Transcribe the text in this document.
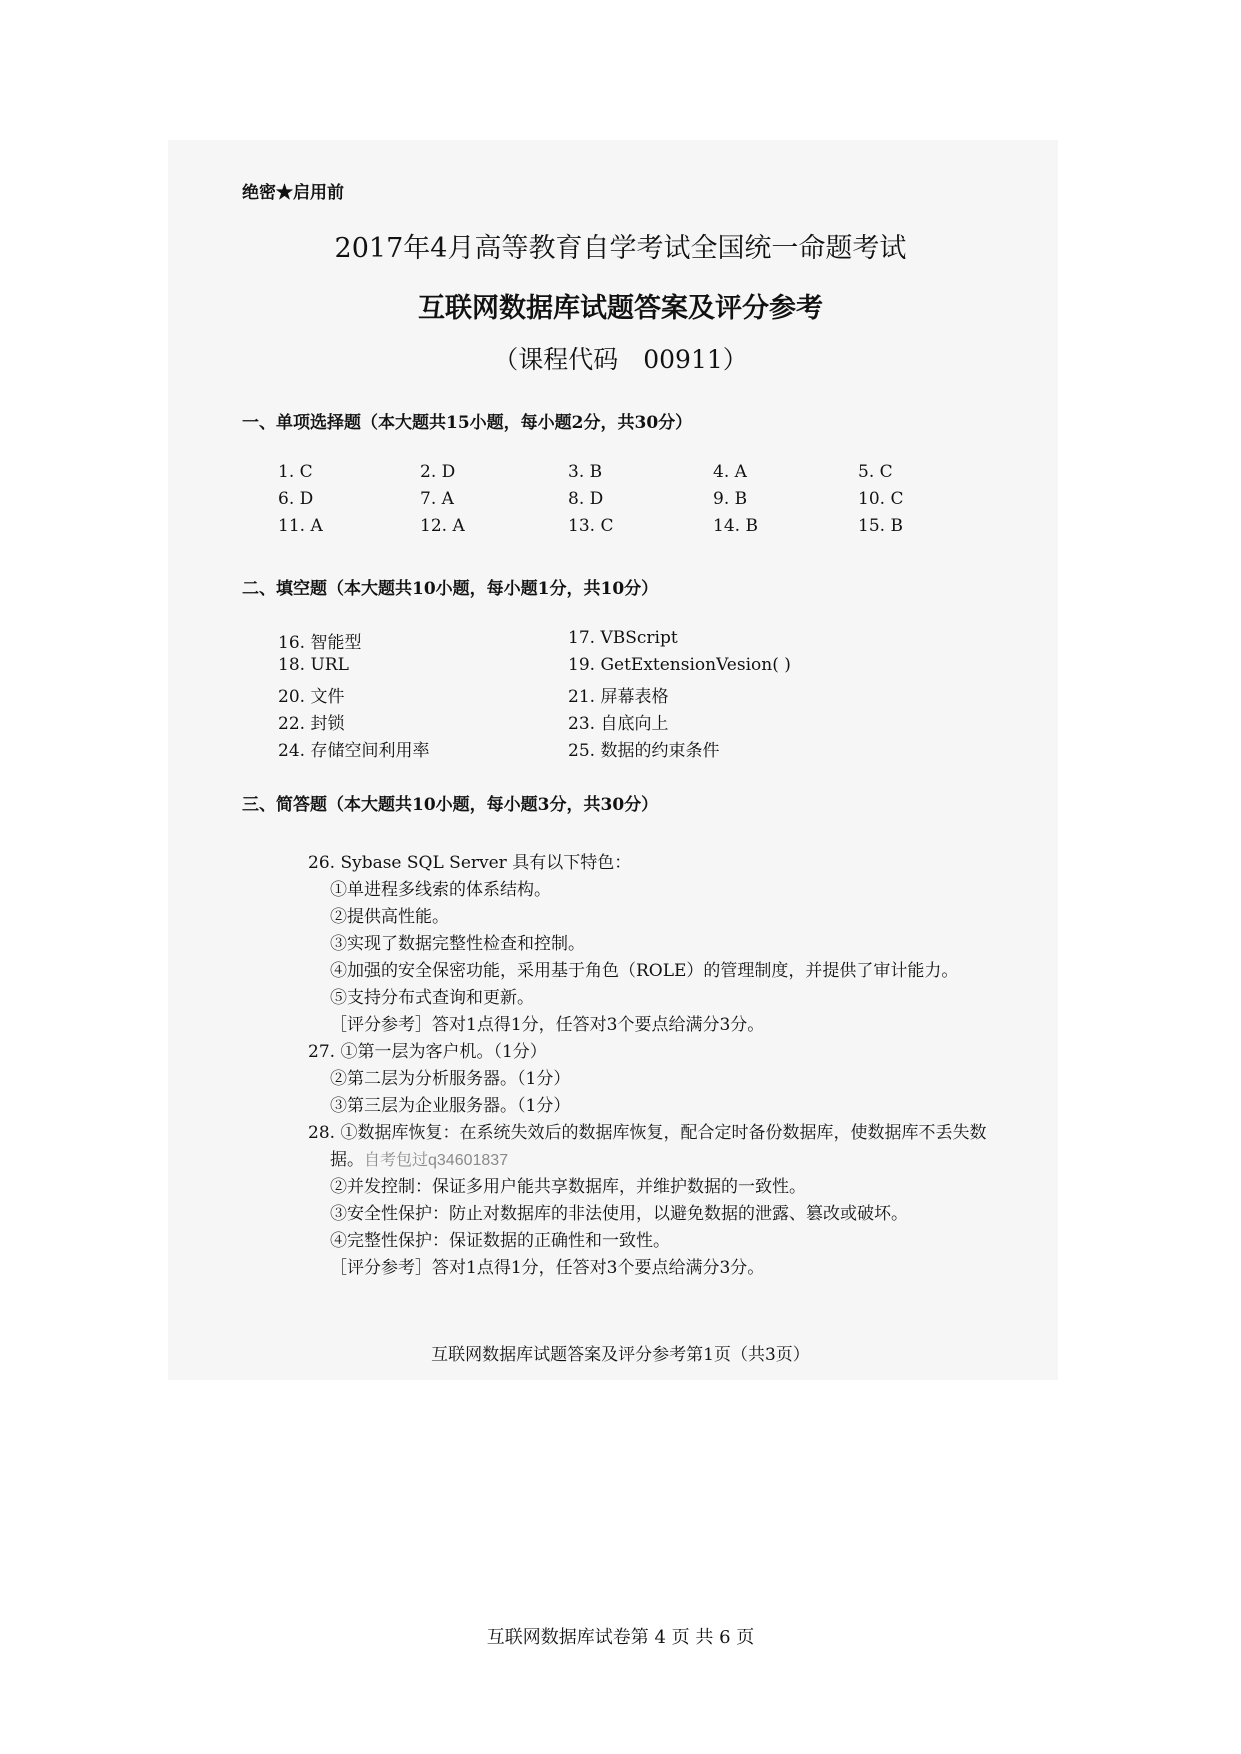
绝密★启用前
2017年4月高等教育自学考试全国统一命题考试
互联网数据库试题答案及评分参考
（课程代码　00911）
一、单项选择题（本大题共15小题，每小题2分，共30分）
1. C	2. D	3. B	4. A	5. C
6. D	7. A	8. D	9. B	10. C
11. A	12. A	13. C	14. B	15. B
二、填空题（本大题共10小题，每小题1分，共10分）
16. 智能型	17. VBScript
18. URL	19. GetExtensionVesion( )
20. 文件	21. 屏幕表格
22. 封锁	23. 自底向上
24. 存储空间利用率	25. 数据的约束条件
三、简答题（本大题共10小题，每小题3分，共30分）
26. Sybase SQL Server 具有以下特色：
①单进程多线索的体系结构。
②提供高性能。
③实现了数据完整性检查和控制。
④加强的安全保密功能，采用基于角色（ROLE）的管理制度，并提供了审计能力。
⑤支持分布式查询和更新。
［评分参考］答对1点得1分，任答对3个要点给满分3分。
27. ①第一层为客户机。（1分）
②第二层为分析服务器。（1分）
③第三层为企业服务器。（1分）
28. ①数据库恢复：在系统失效后的数据库恢复，配合定时备份数据库，使数据库不丢失数
据。自考包过q34601837
②并发控制：保证多用户能共享数据库，并维护数据的一致性。
③安全性保护：防止对数据库的非法使用，以避免数据的泄露、篡改或破坏。
④完整性保护：保证数据的正确性和一致性。
［评分参考］答对1点得1分，任答对3个要点给满分3分。
互联网数据库试题答案及评分参考第1页（共3页）
互联网数据库试卷第 4 页 共 6 页
